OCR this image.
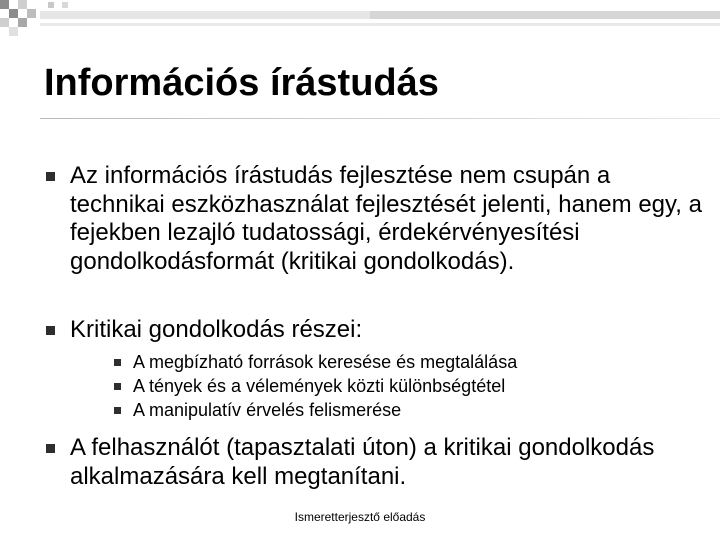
Információs írástudás
Az információs írástudás fejlesztése nem csupán a technikai eszközhasználat fejlesztését jelenti, hanem egy, a fejekben lezajló tudatossági, érdekérvényesítési gondolkodásformát (kritikai gondolkodás).
Kritikai gondolkodás részei:
A felhasználót (tapasztalati úton) a kritikai gondolkodás alkalmazására kell megtanítani.
A megbízható források keresése és megtalálása
A tények és a vélemények közti különbségtétel
A manipulatív érvelés felismerése
Ismeretterjesztő előadás
